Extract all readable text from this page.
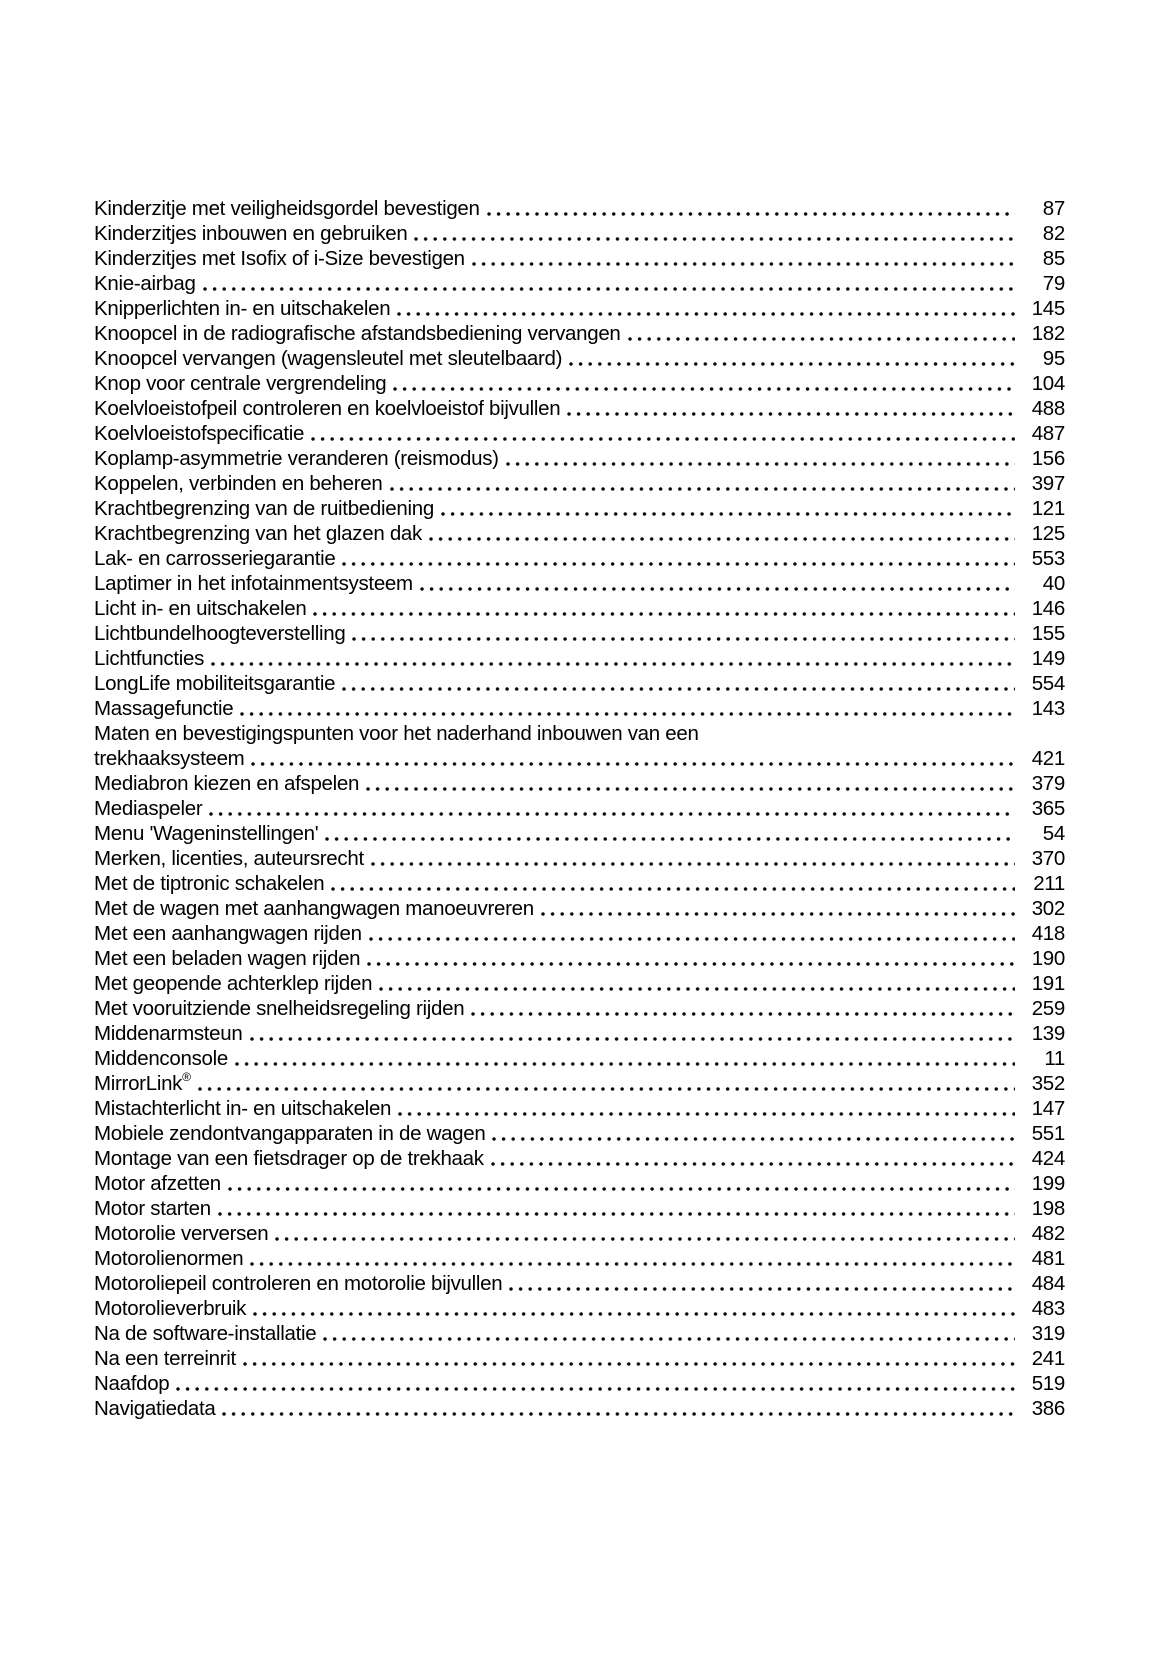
Kinderzitje met veiligheidsgordel bevestigen	87
Kinderzitjes inbouwen en gebruiken	82
Kinderzitjes met Isofix of i-Size bevestigen	85
Knie-airbag	79
Knipperlichten in- en uitschakelen	145
Knoopcel in de radiografische afstandsbediening vervangen	182
Knoopcel vervangen (wagensleutel met sleutelbaard)	95
Knop voor centrale vergrendeling	104
Koelvloeistofpeil controleren en koelvloeistof bijvullen	488
Koelvloeistofspecificatie	487
Koplamp-asymmetrie veranderen (reismodus)	156
Koppelen, verbinden en beheren	397
Krachtbegrenzing van de ruitbediening	121
Krachtbegrenzing van het glazen dak	125
Lak- en carrosseriegarantie	553
Laptimer in het infotainmentsysteem	40
Licht in- en uitschakelen	146
Lichtbundelhoogteverstelling	155
Lichtfuncties	149
LongLife mobiliteitsgarantie	554
Massagefunctie	143
Maten en bevestigingspunten voor het naderhand inbouwen van een
trekhaaksysteem	421
Mediabron kiezen en afspelen	379
Mediaspeler	365
Menu 'Wageninstellingen'	54
Merken, licenties, auteursrecht	370
Met de tiptronic schakelen	211
Met de wagen met aanhangwagen manoeuvreren	302
Met een aanhangwagen rijden	418
Met een beladen wagen rijden	190
Met geopende achterklep rijden	191
Met vooruitziende snelheidsregeling rijden	259
Middenarmsteun	139
Middenconsole	11
MirrorLink®	352
Mistachterlicht in- en uitschakelen	147
Mobiele zendontvangapparaten in de wagen	551
Montage van een fietsdrager op de trekhaak	424
Motor afzetten	199
Motor starten	198
Motorolie verversen	482
Motorolienormen	481
Motoroliepeil controleren en motorolie bijvullen	484
Motorolieverbruik	483
Na de software-installatie	319
Na een terreinrit	241
Naafdop	519
Navigatiedata	386
